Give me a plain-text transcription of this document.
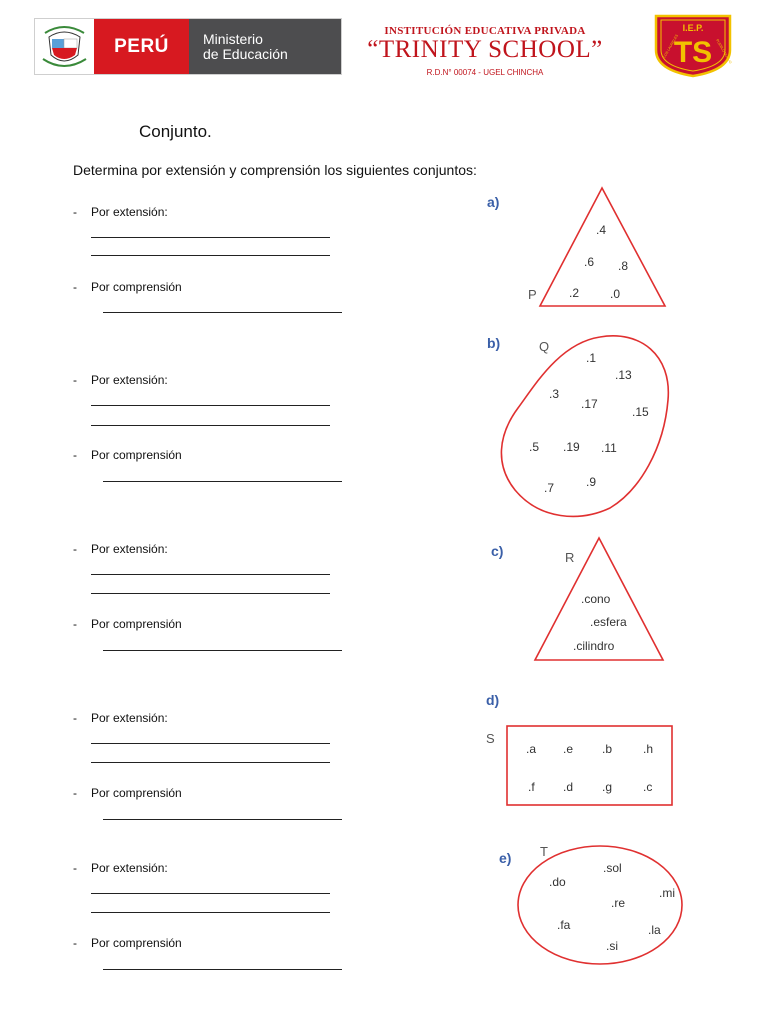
PERÚ	Ministerio
de Educación
INSTITUCIÓN EDUCATIVA PRIVADA
“TRINITY SCHOOL”
R.D.N° 00074 - UGEL CHINCHA
I.E.P.
TS
LOS LAURELES	PUEBLO NUEVO
Conjunto.
Determina por extensión y comprensión los siguientes conjuntos:
- Por extensión:
- Por comprensión
- Por extensión:
- Por comprensión
- Por extensión:
- Por comprensión
- Por extensión:
- Por comprensión
- Por extensión:
- Por comprensión
a)
P
.4
.6 .8
.2	.0
b)	Q
.1
.13
.3
.17
.15
.5 .19 .11
.7	.9
c)	R
.cono
.esfera
.cilindro
d)
S
.a .e .b	.h
.f .d .g	.c
e) T
.sol
.do
.mi
.re
.fa	.la
.si
